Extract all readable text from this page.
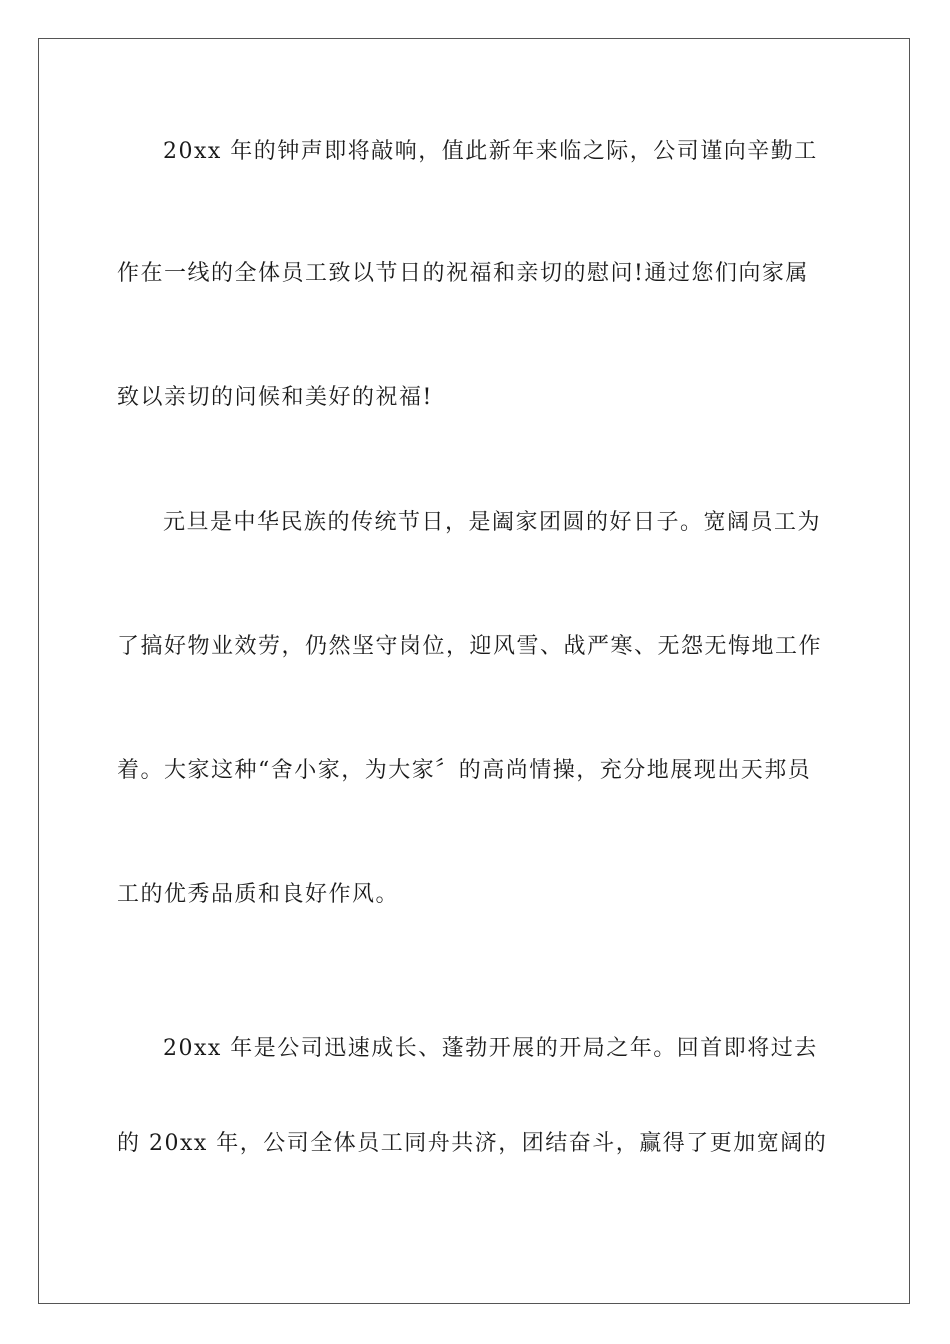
20xx 年的钟声即将敲响，值此新年来临之际，公司谨向辛勤工
作在一线的全体员工致以节日的祝福和亲切的慰问!通过您们向家属
致以亲切的问候和美好的祝福!
元旦是中华民族的传统节日，是阖家团圆的好日子。宽阔员工为
了搞好物业效劳，仍然坚守岗位，迎风雪、战严寒、无怨无悔地工作
着。大家这种“舍小家，为大家〞的高尚情操，充分地展现出天邦员
工的优秀品质和良好作风。
20xx 年是公司迅速成长、蓬勃开展的开局之年。回首即将过去
的 20xx 年，公司全体员工同舟共济，团结奋斗，赢得了更加宽阔的
